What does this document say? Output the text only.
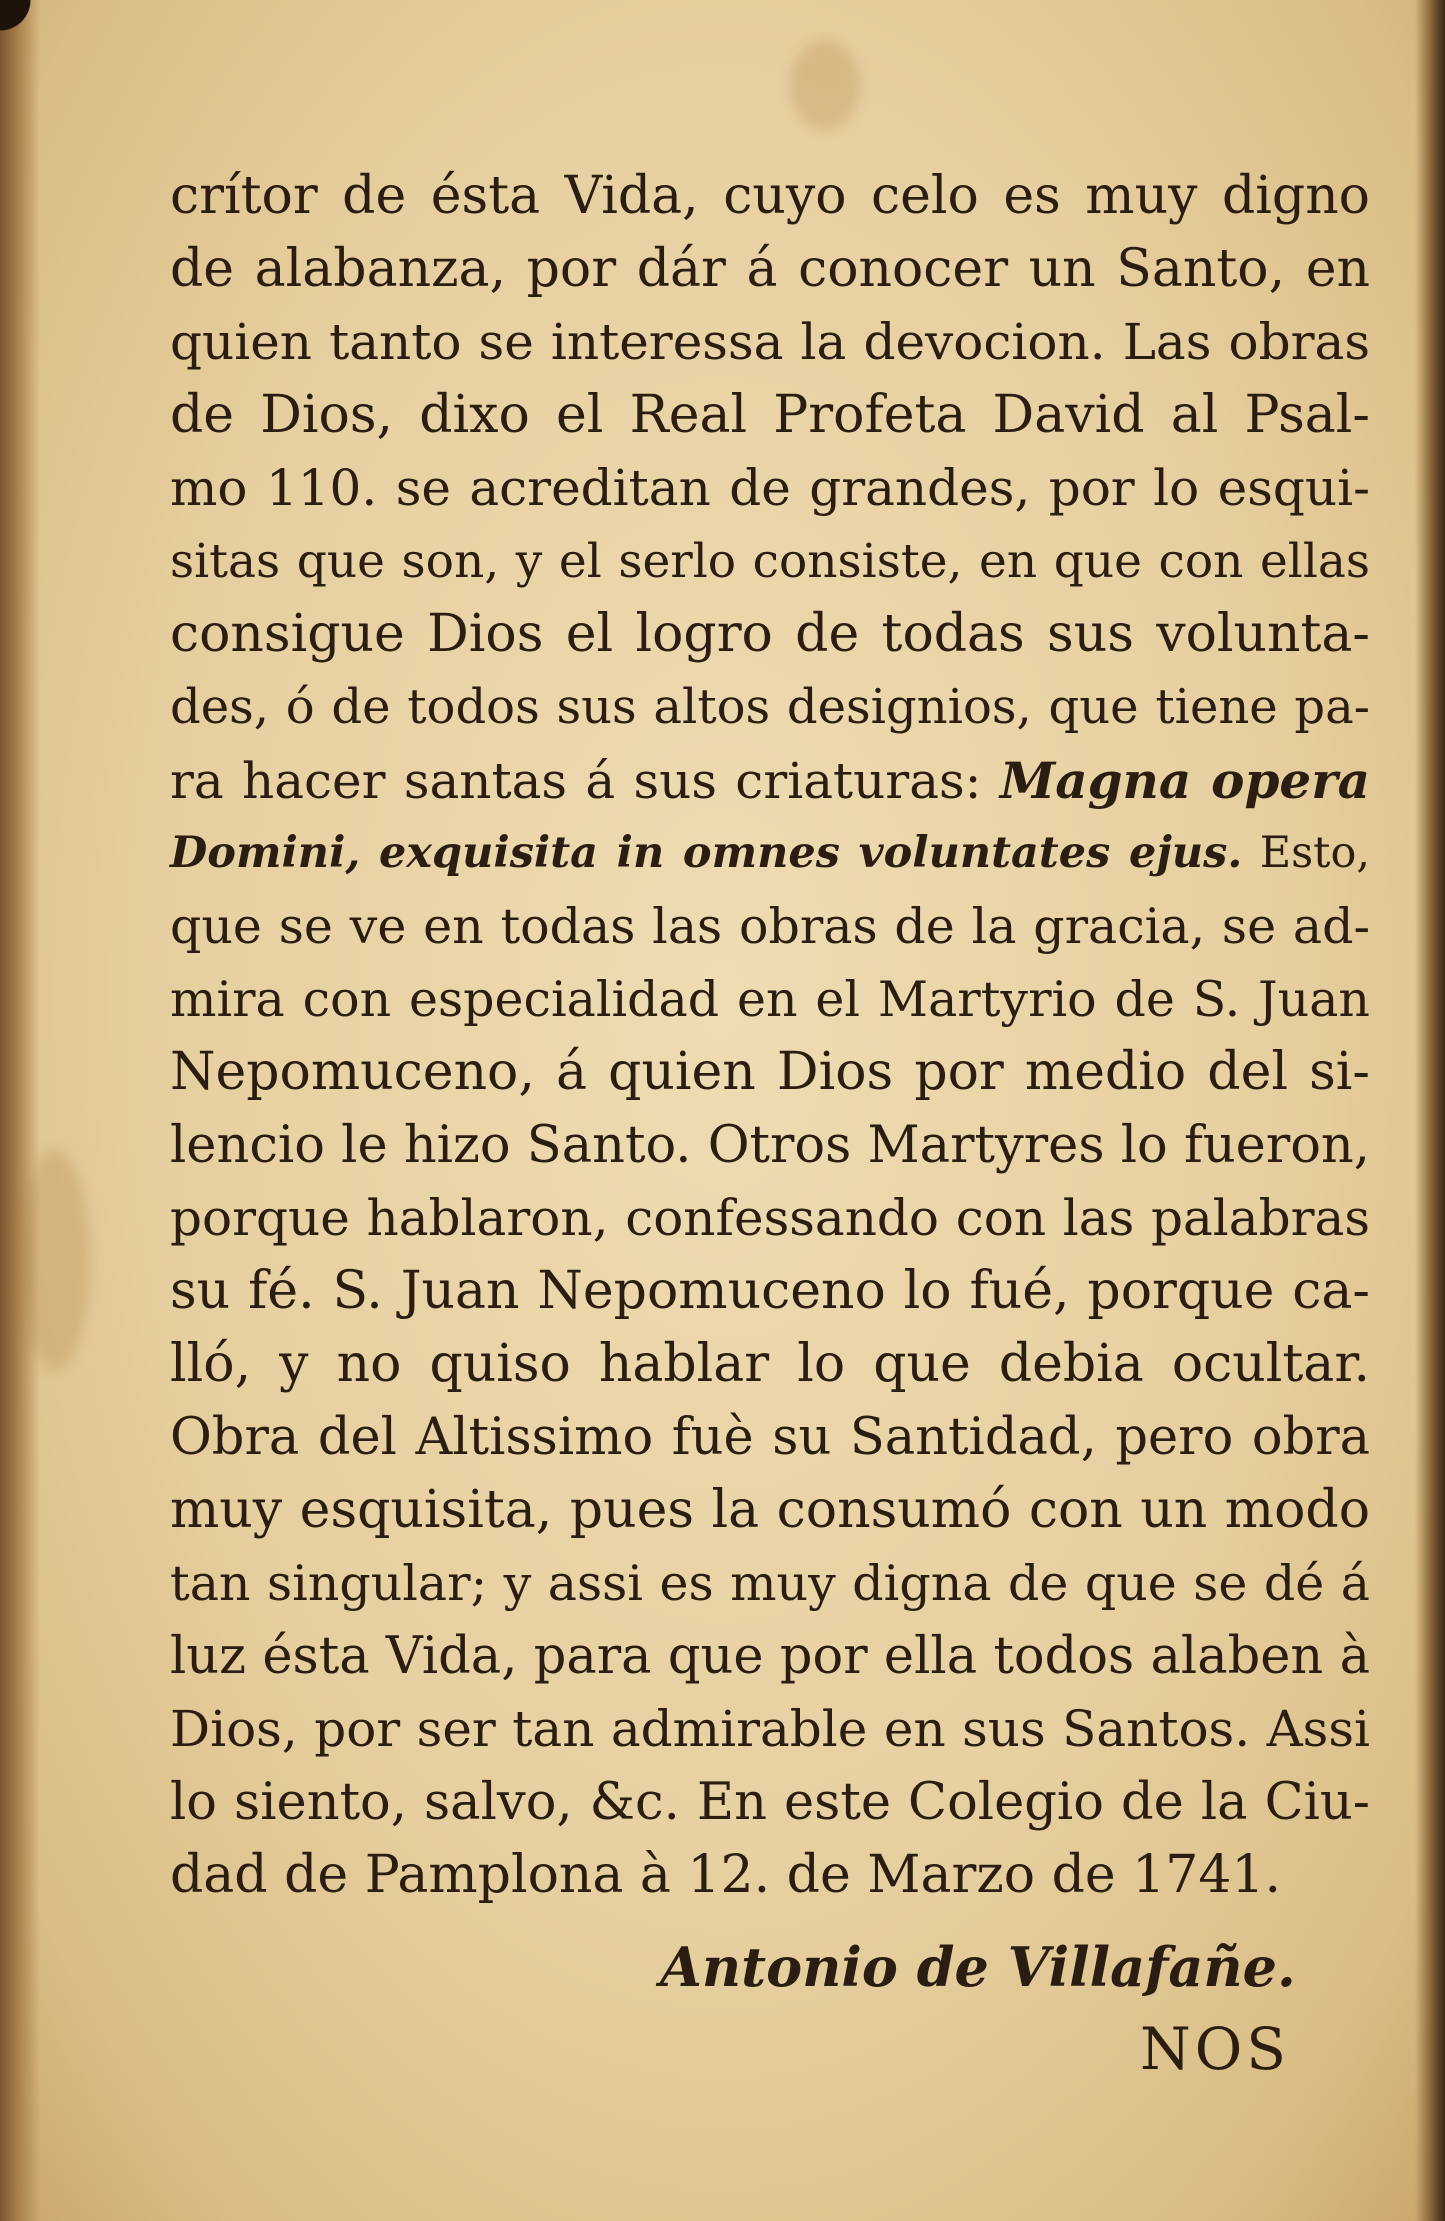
crítor de ésta Vida, cuyo celo es muy digno
de alabanza, por dár á conocer un Santo, en
quien tanto se interessa la devocion. Las obras
de Dios, dixo el Real Profeta David al Psal-
mo 110. se acreditan de grandes, por lo esqui-
sitas que son, y el serlo consiste, en que con ellas
consigue Dios el logro de todas sus volunta-
des, ó de todos sus altos designios, que tiene pa-
ra hacer santas á sus criaturas: Magna opera
Domini, exquisita in omnes voluntates ejus. Esto,
que se ve en todas las obras de la gracia, se ad-
mira con especialidad en el Martyrio de S. Juan
Nepomuceno, á quien Dios por medio del si-
lencio le hizo Santo. Otros Martyres lo fueron,
porque hablaron, confessando con las palabras
su fé. S. Juan Nepomuceno lo fué, porque ca-
lló, y no quiso hablar lo que debia ocultar.
Obra del Altissimo fuè su Santidad, pero obra
muy esquisita, pues la consumó con un modo
tan singular; y assi es muy digna de que se dé á
luz ésta Vida, para que por ella todos alaben à
Dios, por ser tan admirable en sus Santos. Assi
lo siento, salvo, &c. En este Colegio de la Ciu-
dad de Pamplona à 12. de Marzo de 1741.
Antonio de Villafañe.
NOS
